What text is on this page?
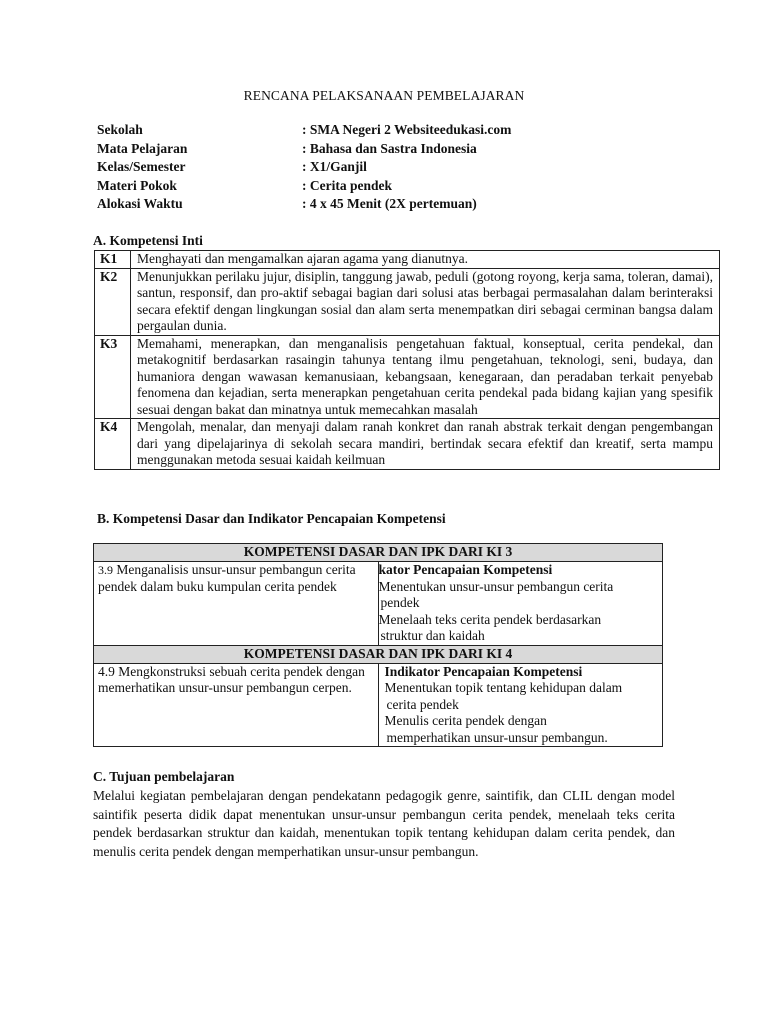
RENCANA PELAKSANAAN PEMBELAJARAN
Sekolah	: SMA Negeri 2 Websiteedukasi.com
Mata Pelajaran	: Bahasa dan Sastra Indonesia
Kelas/Semester	: X1/Ganjil
Materi Pokok	: Cerita pendek
Alokasi Waktu	: 4 x 45 Menit (2X pertemuan)
A. Kompetensi Inti
K1	Menghayati dan mengamalkan ajaran agama yang dianutnya.
K2	Menunjukkan perilaku jujur, disiplin, tanggung jawab, peduli (gotong royong, kerja sama, toleran, damai), santun, responsif, dan pro-aktif sebagai bagian dari solusi atas berbagai permasalahan dalam berinteraksi secara efektif dengan lingkungan sosial dan alam serta menempatkan diri sebagai cerminan bangsa dalam pergaulan dunia.
K3	Memahami, menerapkan, dan menganalisis pengetahuan faktual, konseptual, cerita pendekal, dan metakognitif berdasarkan rasaingin tahunya tentang ilmu pengetahuan, teknologi, seni, budaya, dan humaniora dengan wawasan kemanusiaan, kebangsaan, kenegaraan, dan peradaban terkait penyebab fenomena dan kejadian, serta menerapkan pengetahuan cerita pendekal pada bidang kajian yang spesifik sesuai dengan bakat dan minatnya untuk memecahkan masalah
K4	Mengolah, menalar, dan menyaji dalam ranah konkret dan ranah abstrak terkait dengan pengembangan dari yang dipelajarinya di sekolah secara mandiri, bertindak secara efektif dan kreatif, serta mampu menggunakan metoda sesuai kaidah keilmuan
B. Kompetensi Dasar dan Indikator Pencapaian Kompetensi
KOMPETENSI DASAR DAN IPK DARI KI 3	
3.9 Menganalisis unsur-unsur pembangun cerita pendek dalam buku kumpulan cerita pendek	kator Pencapaian Kompetensi
Menentukan unsur-unsur pembangun cerita
pendek
Menelaah teks cerita pendek berdasarkan
struktur dan kaidah

KOMPETENSI DASAR DAN IPK DARI KI 4	
4.9 Mengkonstruksi sebuah cerita pendek dengan memerhatikan unsur-unsur pembangun cerpen.	Indikator Pencapaian Kompetensi
Menentukan topik tentang kehidupan dalam
cerita pendek
Menulis cerita pendek dengan
memperhatikan unsur-unsur pembangun.
C. Tujuan pembelajaran

Melalui kegiatan pembelajaran dengan pendekatann pedagogik genre, saintifik, dan CLIL dengan model saintifik peserta didik dapat menentukan unsur-unsur pembangun cerita pendek, menelaah teks cerita pendek berdasarkan struktur dan kaidah, menentukan topik tentang kehidupan dalam cerita pendek, dan menulis cerita pendek dengan memperhatikan unsur-unsur pembangun.
